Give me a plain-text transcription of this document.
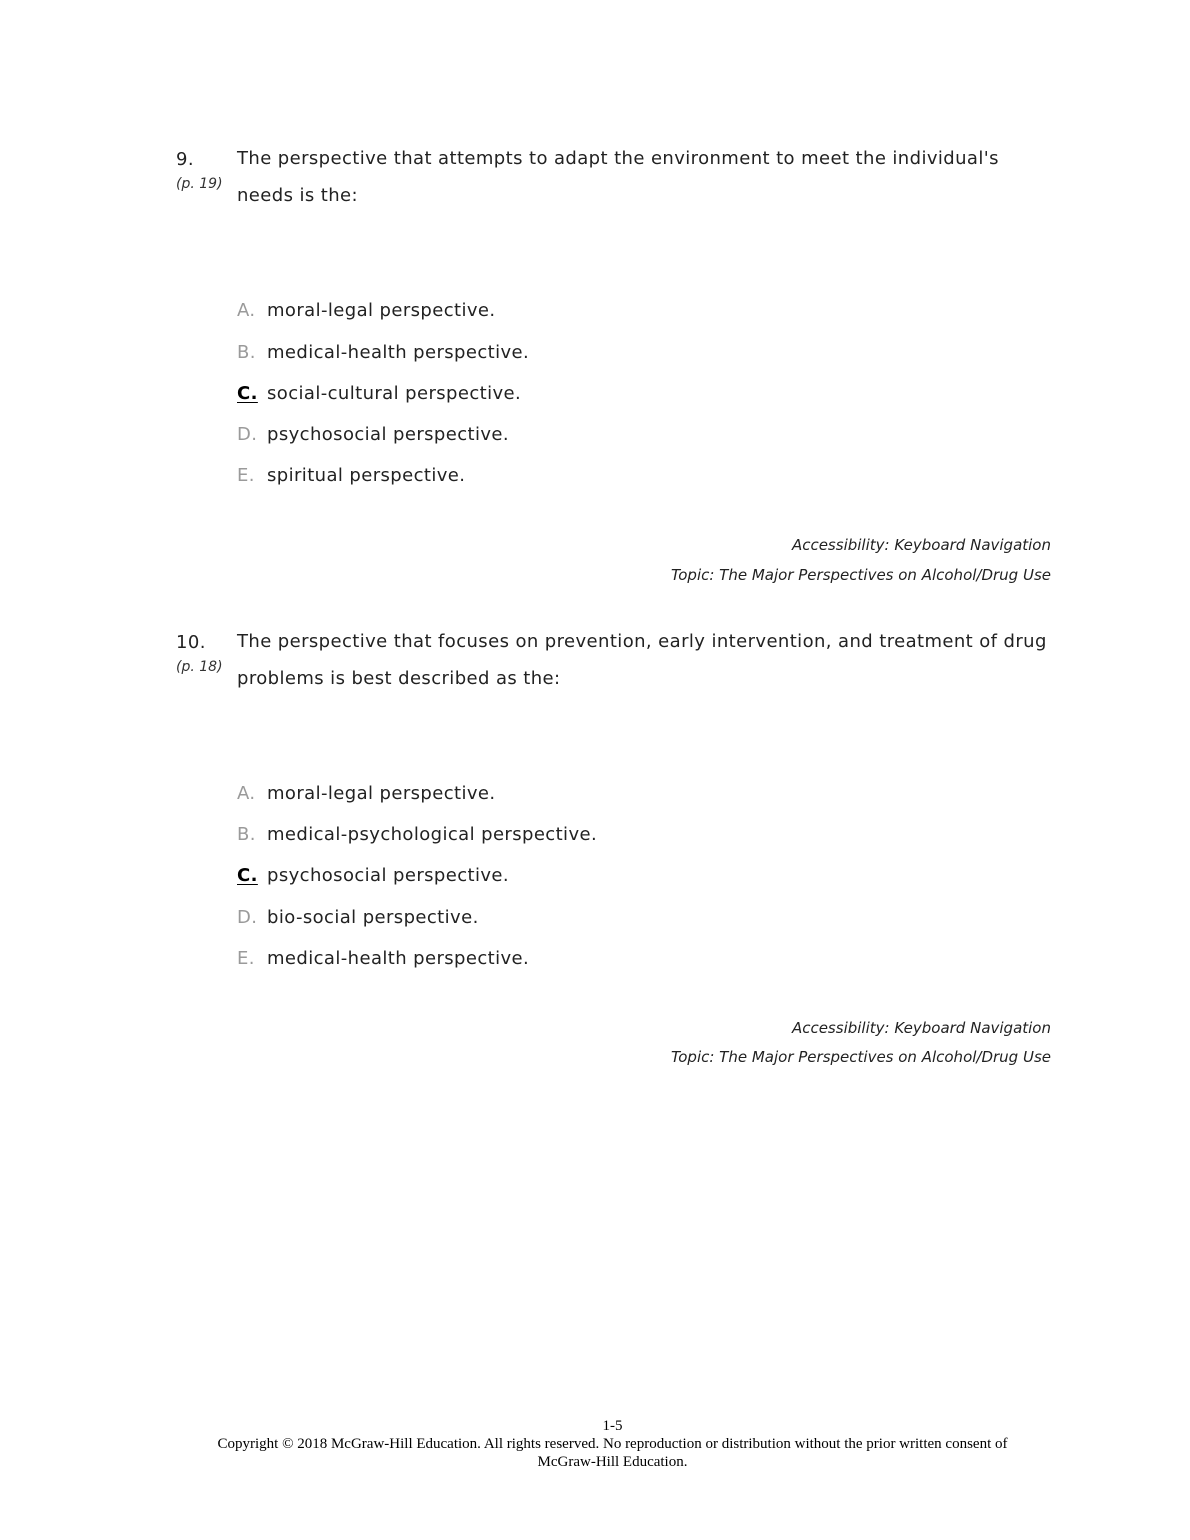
9.
(p. 19)
The perspective that attempts to adapt the environment to meet the individual's needs is the:
A. moral-legal perspective.
B. medical-health perspective.
C. social-cultural perspective.
D. psychosocial perspective.
E. spiritual perspective.
Accessibility: Keyboard Navigation
Topic: The Major Perspectives on Alcohol/Drug Use
10.
(p. 18)
The perspective that focuses on prevention, early intervention, and treatment of drug problems is best described as the:
A. moral-legal perspective.
B. medical-psychological perspective.
C. psychosocial perspective.
D. bio-social perspective.
E. medical-health perspective.
Accessibility: Keyboard Navigation
Topic: The Major Perspectives on Alcohol/Drug Use
1-5
Copyright © 2018 McGraw-Hill Education. All rights reserved. No reproduction or distribution without the prior written consent of
McGraw-Hill Education.
